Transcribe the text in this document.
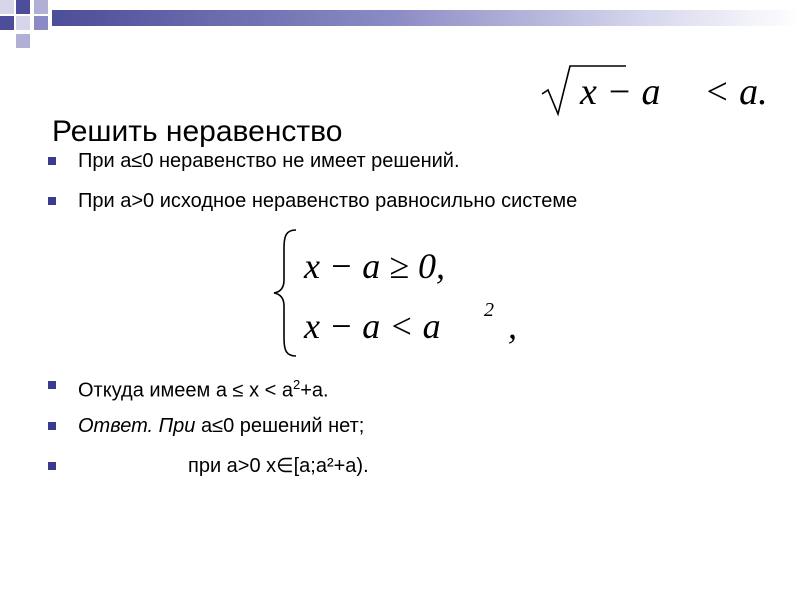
x − a < a.
Решить неравенство
При a≤0 неравенство не имеет решений.
При a>0 исходное неравенство равносильно системе
x − a ≥ 0,
x − a < a 2 ,
Откуда имеем $a \le x < a^2+a$.
Ответ. При a≤0 решений нет;
при a>0 x∈[a;a²+a).
